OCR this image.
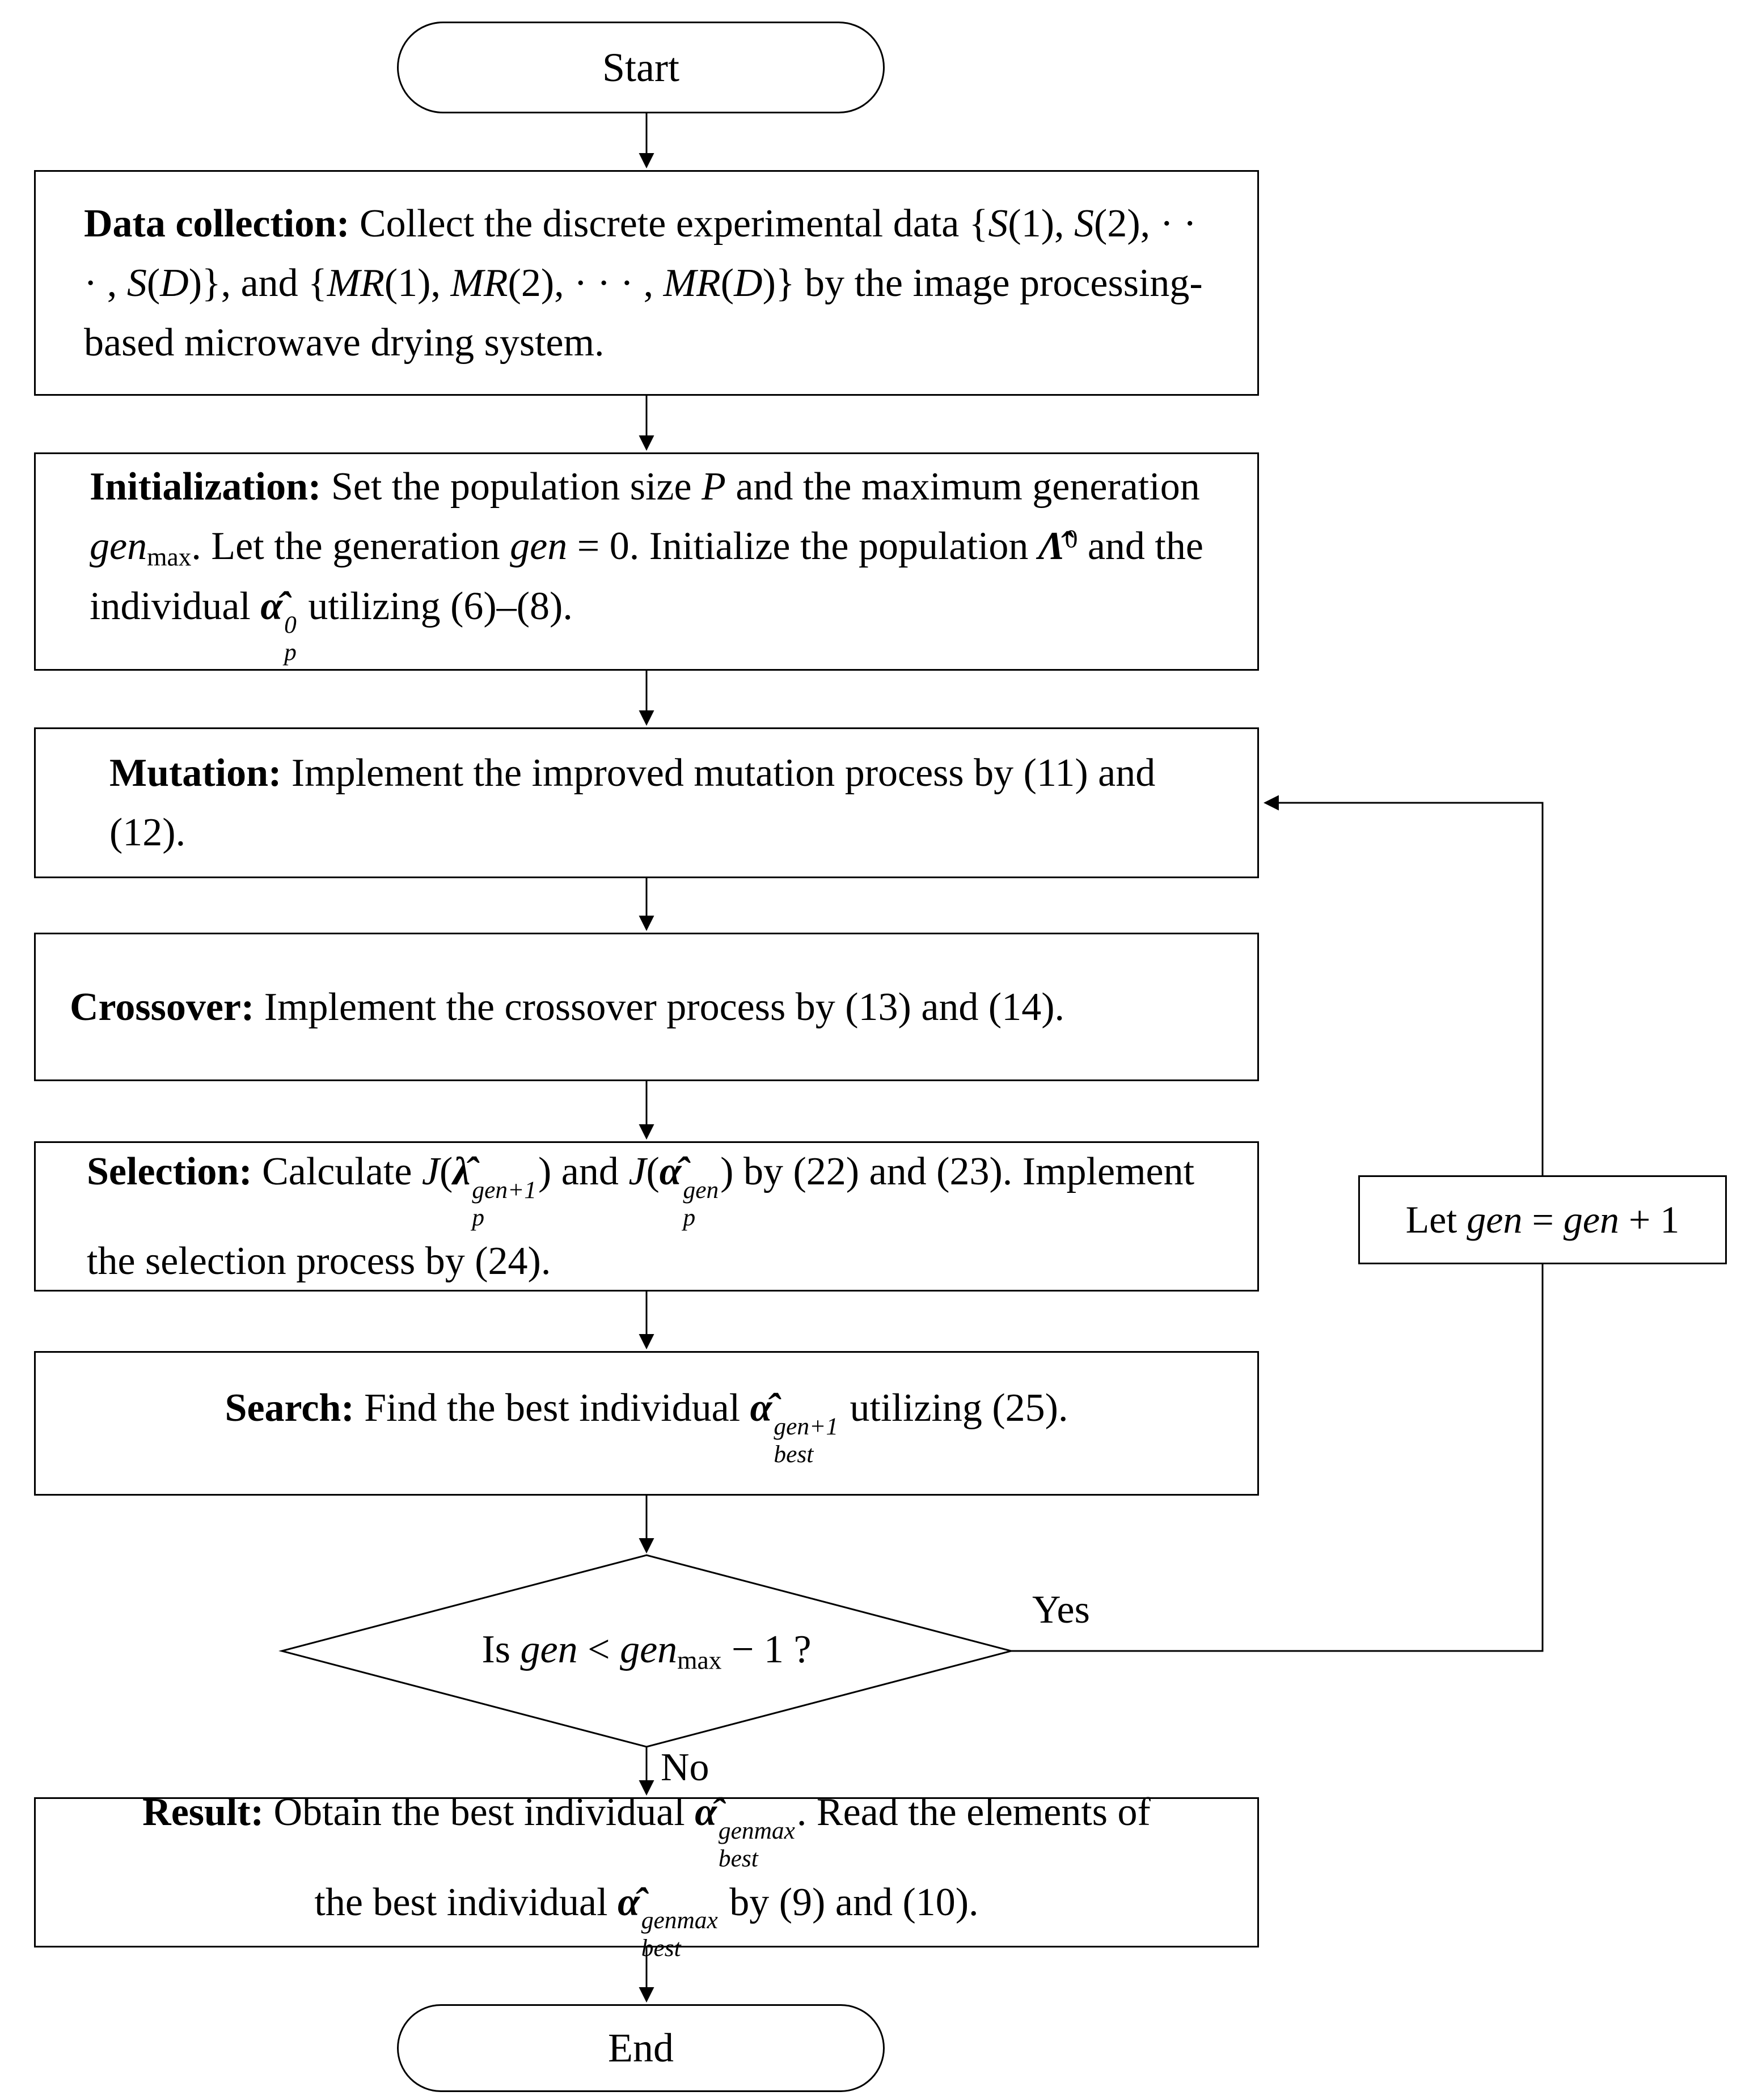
Start
Data collection: Collect the discrete experimental data {S(1), S(2), · · · , S(D)}, and {MR(1), MR(2), · · · , MR(D)} by the image processing-based microwave drying system.
Initialization: Set the population size P and the maximum generation genmax. Let the generation gen = 0. Initialize the population Λ̂$^0$ and the individual α̂ 0
p
utilizing (6)–(8).
Mutation: Implement the improved mutation process by (11) and (12).
Crossover: Implement the crossover process by (13) and (14).
Selection: Calculate J(λ̂ gen+1
p
) and J(α̂ gen
p
) by (22) and (23). Implement the selection process by (24).
Search: Find the best individual α̂ gen+1
best
utilizing (25).
Is gen < genmax − 1 ?
Yes
No
Let gen = gen + 1
Result: Obtain the best individual α̂ genmax
best
. Read the elements of the best individual α̂ genmax
best
by (9) and (10).
End
